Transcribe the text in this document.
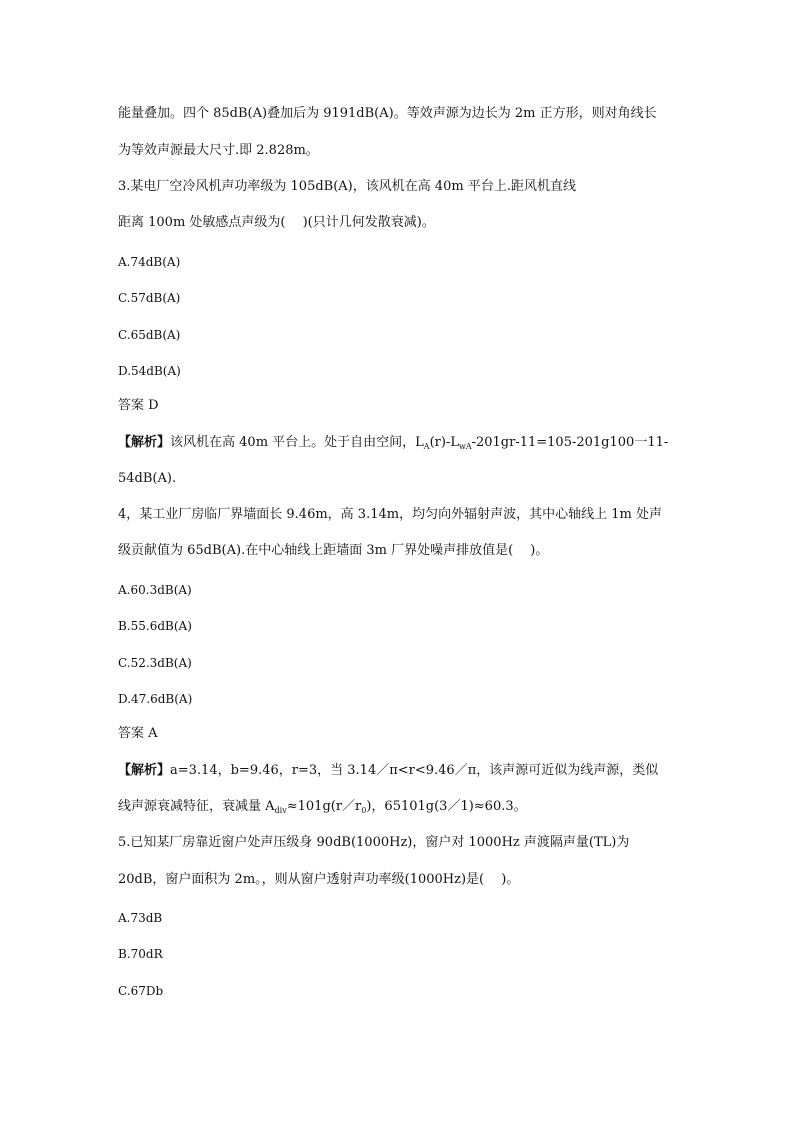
能量叠加。四个 85dB(A)叠加后为 9191dB(A)。等效声源为边长为 2m 正方形，则对角线长
为等效声源最大尺寸.即 2.828m。
3.某电厂空冷风机声功率级为 105dB(A)，该风机在高 40m 平台上.距风机直线
距离 100m 处敏感点声级为(　 )(只计几何发散衰减)。
A.74dB(A)
C.57dB(A)
C.65dB(A)
D.54dB(A)
答案 D
【解析】该风机在高 40m 平台上。处于自由空间，$L_A(r)-L_{wA}-201gr-11=105-201g100$一11-
54dB(A).
4，某工业厂房临厂界墙面长 9.46m，高 3.14m，均匀向外辐射声波，其中心轴线上 1m 处声
级贡献值为 65dB(A).在中心轴线上距墙面 3m 厂界处噪声排放值是(　 )。
A.60.3dB(A)
B.55.6dB(A)
C.52.3dB(A)
D.47.6dB(A)
答案 A
【解析】a=3.14，b=9.46，r=3，当 3.14／π<r<9.46／π，该声源可近似为线声源，类似
线声源衰减特征，衰减量 $A_{div}\approx 101g(r/r_0)$，65101g(3／1)≈60.3。
5.已知某厂房靠近窗户处声压级身 90dB(1000Hz)，窗户对 1000Hz 声渡隔声量(TL)为
20dB，窗户面积为 2m。，则从窗户透射声功率级(1000Hz)是(　 )。
A.73dB
B.70dR
C.67Db
